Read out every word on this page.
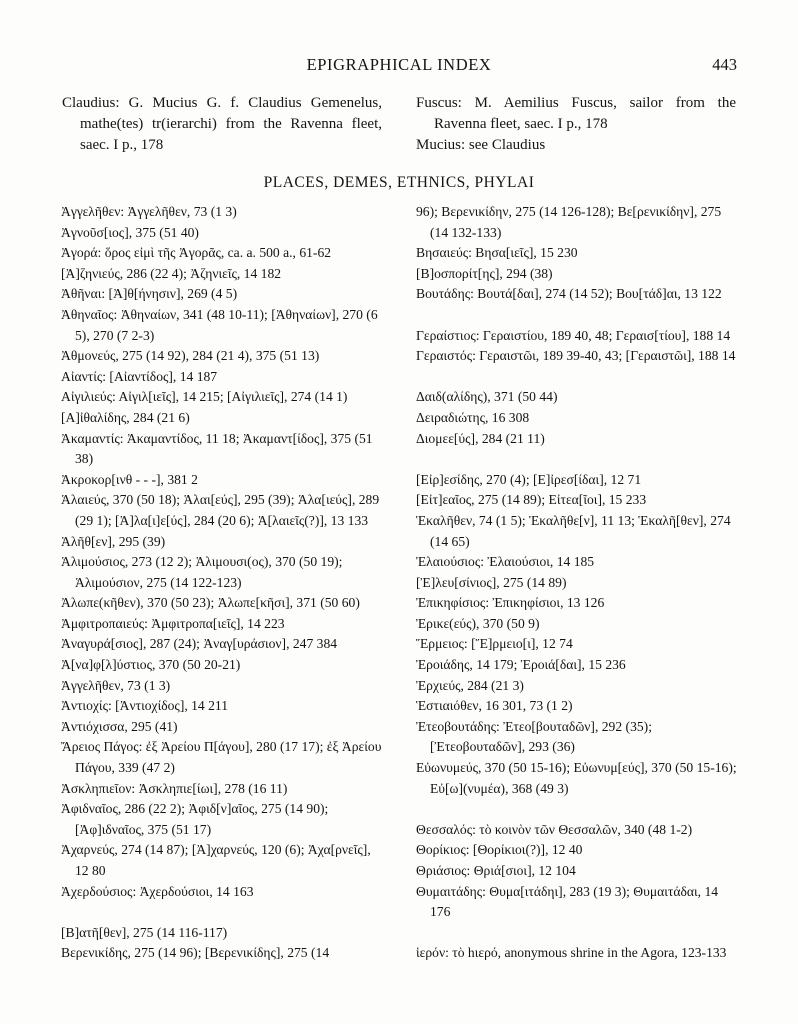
EPIGRAPHICAL INDEX	443
Claudius: G. Mucius G. f. Claudius Gemenelus, mathe(tes) tr(ierarchi) from the Ravenna fleet, saec. I p., 178
Fuscus: M. Aemilius Fuscus, sailor from the Ravenna fleet, saec. I p., 178
Mucius: see Claudius
PLACES, DEMES, ETHNICS, PHYLAI
Ἀγγελῆθεν: Ἀγγελῆθεν, 73 (1 3)
Ἀγνοῦσ[ιος], 375 (51 40)
Ἀγορά: ὅρος εἰμὶ τῆς Ἀγορᾶς, ca. a. 500 a., 61-62
[Ἀ]ζηνιεύς, 286 (22 4); Ἀζηνιεῖς, 14 182
Ἀθῆναι: [Ἀ]θ[ήνησιν], 269 (4 5)
Ἀθηναῖος: Ἀθηναίων, 341 (48 10-11); [Ἀθηναίων], 270 (6 5), 270 (7 2-3)
Ἀθμονεύς, 275 (14 92), 284 (21 4), 375 (51 13)
Αἰαντίς: [Αἰαντίδος], 14 187
Αἰγιλιεύς: Αἰγιλ[ιεῖς], 14 215; [Αἰγιλιεῖς], 274 (14 1)
[Α]ἰθαλίδης, 284 (21 6)
Ἀκαμαντίς: Ἀκαμαντίδος, 11 18; Ἀκαμαντ[ίδος], 375 (51 38)
Ἀκροκορ[ινθ - - -], 381 2
Ἁλαιεύς, 370 (50 18); Ἁλαι[εύς], 295 (39); Ἁλα[ιεύς], 289 (29 1); [Ἁ]λα[ι]ε[ύς], 284 (20 6); Ἁ[λαιεῖς(?)], 13 133
Ἁλῆθ[εν], 295 (39)
Ἁλιμούσιος, 273 (12 2); Ἁλιμουσι(ος), 370 (50 19); Ἁλιμούσιον, 275 (14 122-123)
Ἀλωπε(κῆθεν), 370 (50 23); Ἀλωπε[κῆσι], 371 (50 60)
Ἀμφιτροπαιεύς: Ἀμφιτροπα[ιεῖς], 14 223
Ἀναγυρά[σιος], 287 (24); Ἀναγ[υράσιον], 247 384
Ἀ[να]φ[λ]ύστιος, 370 (50 20-21)
Ἀγγελῆθεν, 73 (1 3)
Ἀντιοχίς: [Ἀντιοχίδος], 14 211
Ἀντιόχισσα, 295 (41)
Ἄρειος Πάγος: ἐξ Ἀρείου Π[άγου], 280 (17 17); ἐξ Ἀρείου Πάγου, 339 (47 2)
Ἀσκληπιεῖον: Ἀσκληπιε[ίωι], 278 (16 11)
Ἀφιδναῖος, 286 (22 2); Ἀφιδ[ν]αῖος, 275 (14 90); [Ἀφ]ιδναῖος, 375 (51 17)
Ἀχαρνεύς, 274 (14 87); [Ἀ]χαρνεύς, 120 (6); Ἀχα[ρνεῖς], 12 80
Ἀχερδούσιος: Ἀχερδούσιοι, 14 163
[Β]ατῆ[θεν], 275 (14 116-117)
Βερενικίδης, 275 (14 96); [Βερενικίδης], 275 (14
96); Βερενικίδην, 275 (14 126-128); Βε[ρενικίδην], 275 (14 132-133)
Βησαιεύς: Βησα[ιεῖς], 15 230
[Β]οσπορίτ[ης], 294 (38)
Βουτάδης: Βουτά[δαι], 274 (14 52); Βου[τάδ]αι, 13 122
Γεραίστιος: Γεραιστίου, 189 40, 48; Γεραισ[τίου], 188 14
Γεραιστός: Γεραιστῶι, 189 39-40, 43; [Γεραιστῶι], 188 14
Δαιδ(αλίδης), 371 (50 44)
Δειραδιώτης, 16 308
Διομεε[ύς], 284 (21 11)
[Εἰρ]εσίδης, 270 (4); [Ε]ἰρεσ[ίδαι], 12 71
[Εἰτ]εαῖος, 275 (14 89); Εἰτεα[ῖοι], 15 233
Ἑκαλῆθεν, 74 (1 5); Ἑκαλῆθε[ν], 11 13; Ἑκαλῆ[θεν], 274 (14 65)
Ἐλαιούσιος: Ἐλαιούσιοι, 14 185
[Ἐ]λευ[σίνιος], 275 (14 89)
Ἐπικηφίσιος: Ἐπικηφίσιοι, 13 126
Ἐρικε(εύς), 370 (50 9)
Ἕρμειος: [Ἕ]ρμειο[ι], 12 74
Ἐροιάδης, 14 179; Ἐροιά[δαι], 15 236
Ἐρχιεύς, 284 (21 3)
Ἑστιαιόθεν, 16 301, 73 (1 2)
Ἐτεοβουτάδης: Ἐτεο[βουταδῶν], 292 (35); [Ἐτεοβουταδῶν], 293 (36)
Εὐωνυμεύς, 370 (50 15-16); Εὐωνυμ[εύς], 370 (50 15-16); Εὐ[ω](νυμέα), 368 (49 3)
Θεσσαλός: τὸ κοινὸν τῶν Θεσσαλῶν, 340 (48 1-2)
Θορίκιος: [Θορίκιοι(?)], 12 40
Θριάσιος: Θριά[σιοι], 12 104
Θυμαιτάδης: Θυμα[ιτάδηι], 283 (19 3); Θυμαιτάδαι, 14 176
ἱερόν: τὸ hιερό, anonymous shrine in the Agora, 123-133
